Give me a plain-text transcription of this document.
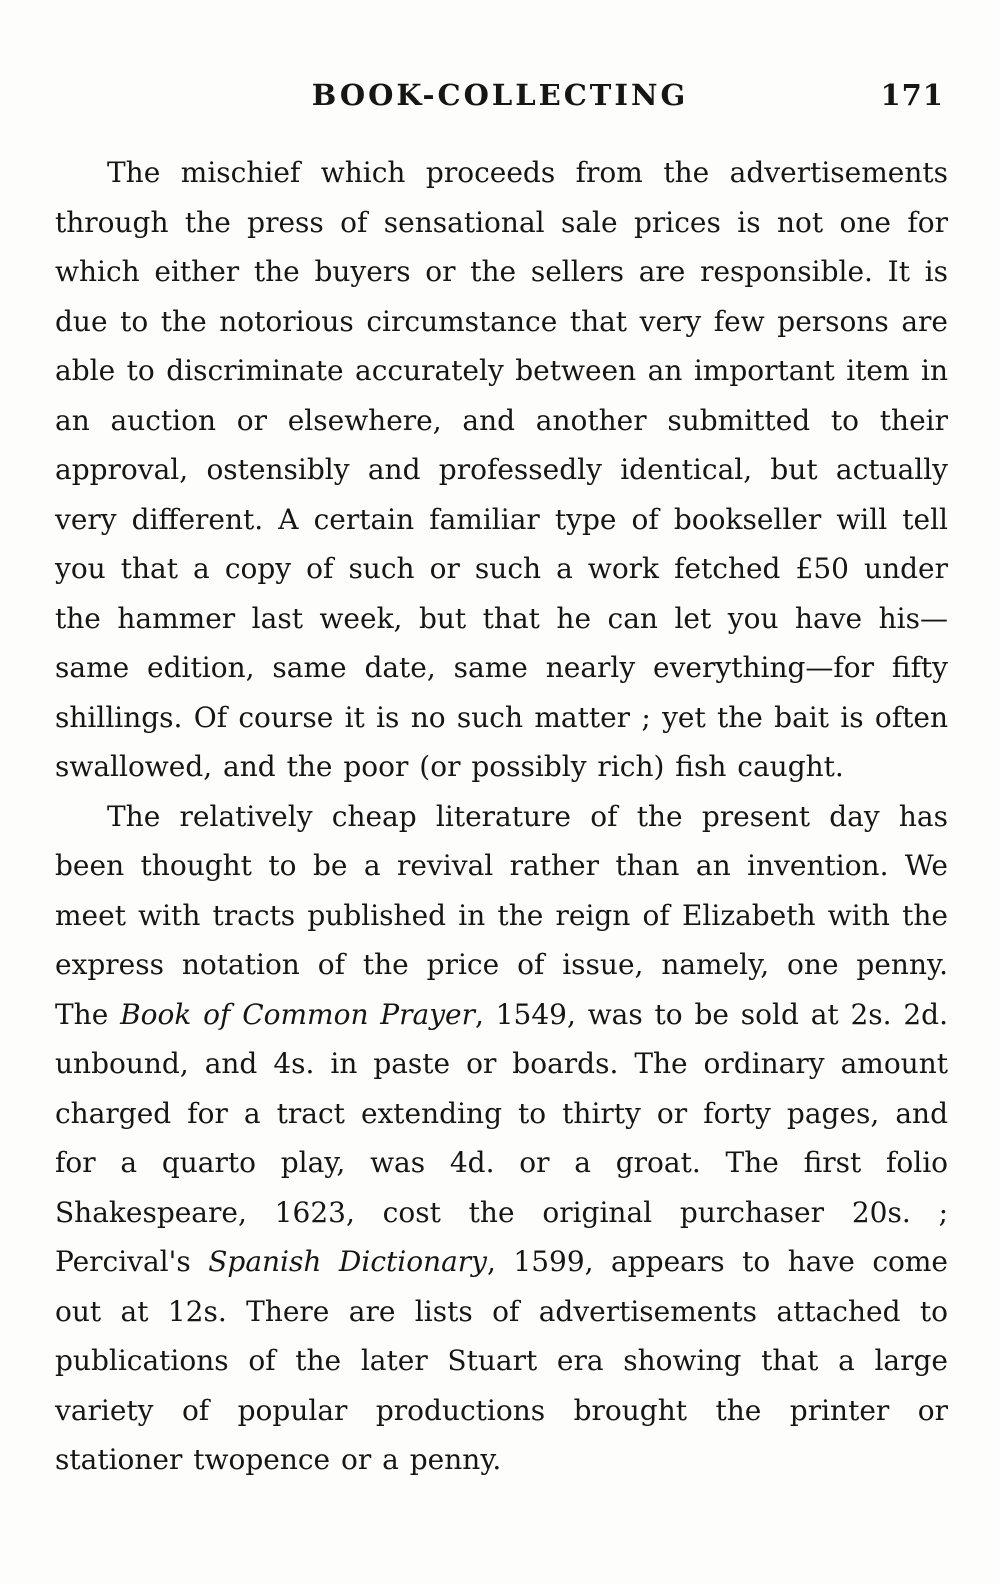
BOOK-COLLECTING	171

The mischief which proceeds from the advertisements through the press of sensational sale prices is not one for which either the buyers or the sellers are responsible. It is due to the notorious circumstance that very few persons are able to discriminate accurately between an important item in an auction or elsewhere, and another submitted to their approval, ostensibly and professedly identical, but actually very different. A certain familiar type of bookseller will tell you that a copy of such or such a work fetched £50 under the hammer last week, but that he can let you have his—same edition, same date, same nearly everything—for fifty shillings. Of course it is no such matter ; yet the bait is often swallowed, and the poor (or possibly rich) fish caught.

The relatively cheap literature of the present day has been thought to be a revival rather than an invention. We meet with tracts published in the reign of Elizabeth with the express notation of the price of issue, namely, one penny. The Book of Common Prayer, 1549, was to be sold at 2s. 2d. unbound, and 4s. in paste or boards. The ordinary amount charged for a tract extending to thirty or forty pages, and for a quarto play, was 4d. or a groat. The first folio Shakespeare, 1623, cost the original purchaser 20s. ; Percival's Spanish Dictionary, 1599, appears to have come out at 12s. There are lists of advertisements attached to publications of the later Stuart era showing that a large variety of popular productions brought the printer or stationer twopence or a penny.
